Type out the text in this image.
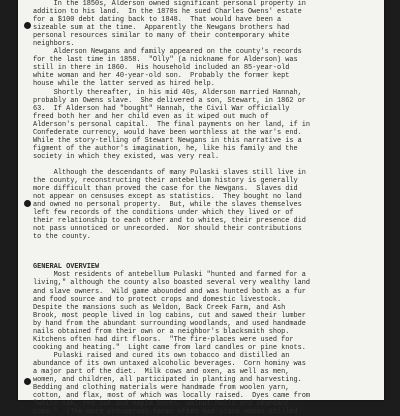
In the 1850s, Alderson owned significant personal property in
addition to his land.  In the 1870s he sued Charles Owens' estate
for a $100 debt dating back to 1848.  That would have been a
sizeable sum at the time.  Apparently the Newgans brothers had
personal resources similar to many of their contemporary white
neighbors.

Alderson Newgans and family appeared on the county's records
for the last time in 1858.  "Olly" (a nickname for Alderson) was
still in there in 1860.  His household included an 85-year-old
white woman and her 40-year-old son.  Probably the former kept
house while the latter served as hired help.

Shortly thereafter, in his mid 40s, Alderson married Hannah,
probably an Owens slave.  She delivered a son, Stewart, in 1862 or
63.  If Alderson had "bought" Hannah, the Civil War officially
freed both her and her child even as it wiped out much of
Alderson's personal capital.  The final payments on her land, if in
Confederate currency, would have been worthless at the war's end.
While the story-telling of Stewart Newgans in this narrative is a
figment of the author's imagination, he, like his family and the
society in which they existed, was very real.

Although the descendants of many Pulaski slaves still live in
the county, reconstructing their antebellum history is generally
more difficult than proved the case for the Newgans.  Slaves did
not appear on censuses except as statistics.  They bought no land
and owned no personal property.  But, while the slaves themselves
left few records of the conditions under which they lived or of
their relationship to each other and to whites, their presence did
not pass unnoticed or unrecorded.  Nor should their contributions
to the county.

GENERAL OVERVIEW

Most residents of antebellum Pulaski "hunted and farmed for a
living," although the county also boasted several very wealthy land
and slave owners.  Wild game abounded and was hunted both as a fur
and food source and to protect crops and domestic livestock.
Despite the mansions such as Weldon, Back Creek Farm, and Ash
Brook, most people lived in log cabins, cut and sawed their lumber
by hand from the abundant surrounding woodlands, and used handmade
nails obtained from their own or a neighbor's blacksmith shop.
Kitchens often had dirt floors.  "The fire-places were used for
cooking and heating."  Light came from lard candles or pine knots.

Pulaski raised and cured its own tobacco and distilled an
abundance of its own untaxed alcoholic beverages.  Corn hominy was
a major part of the diet.  Milk cows and oxen, as well as men,
women, and children, all participated in planting and harvesting.
Bedding and clothing materials were handmade from woolen yarn,
cotton, and flax, most of which was locally raised.  Dyes came from
"white oak, red oak and maple barks, walnut hulls and abundant
cope."  (The more prosperous farms often had slave women skilled
